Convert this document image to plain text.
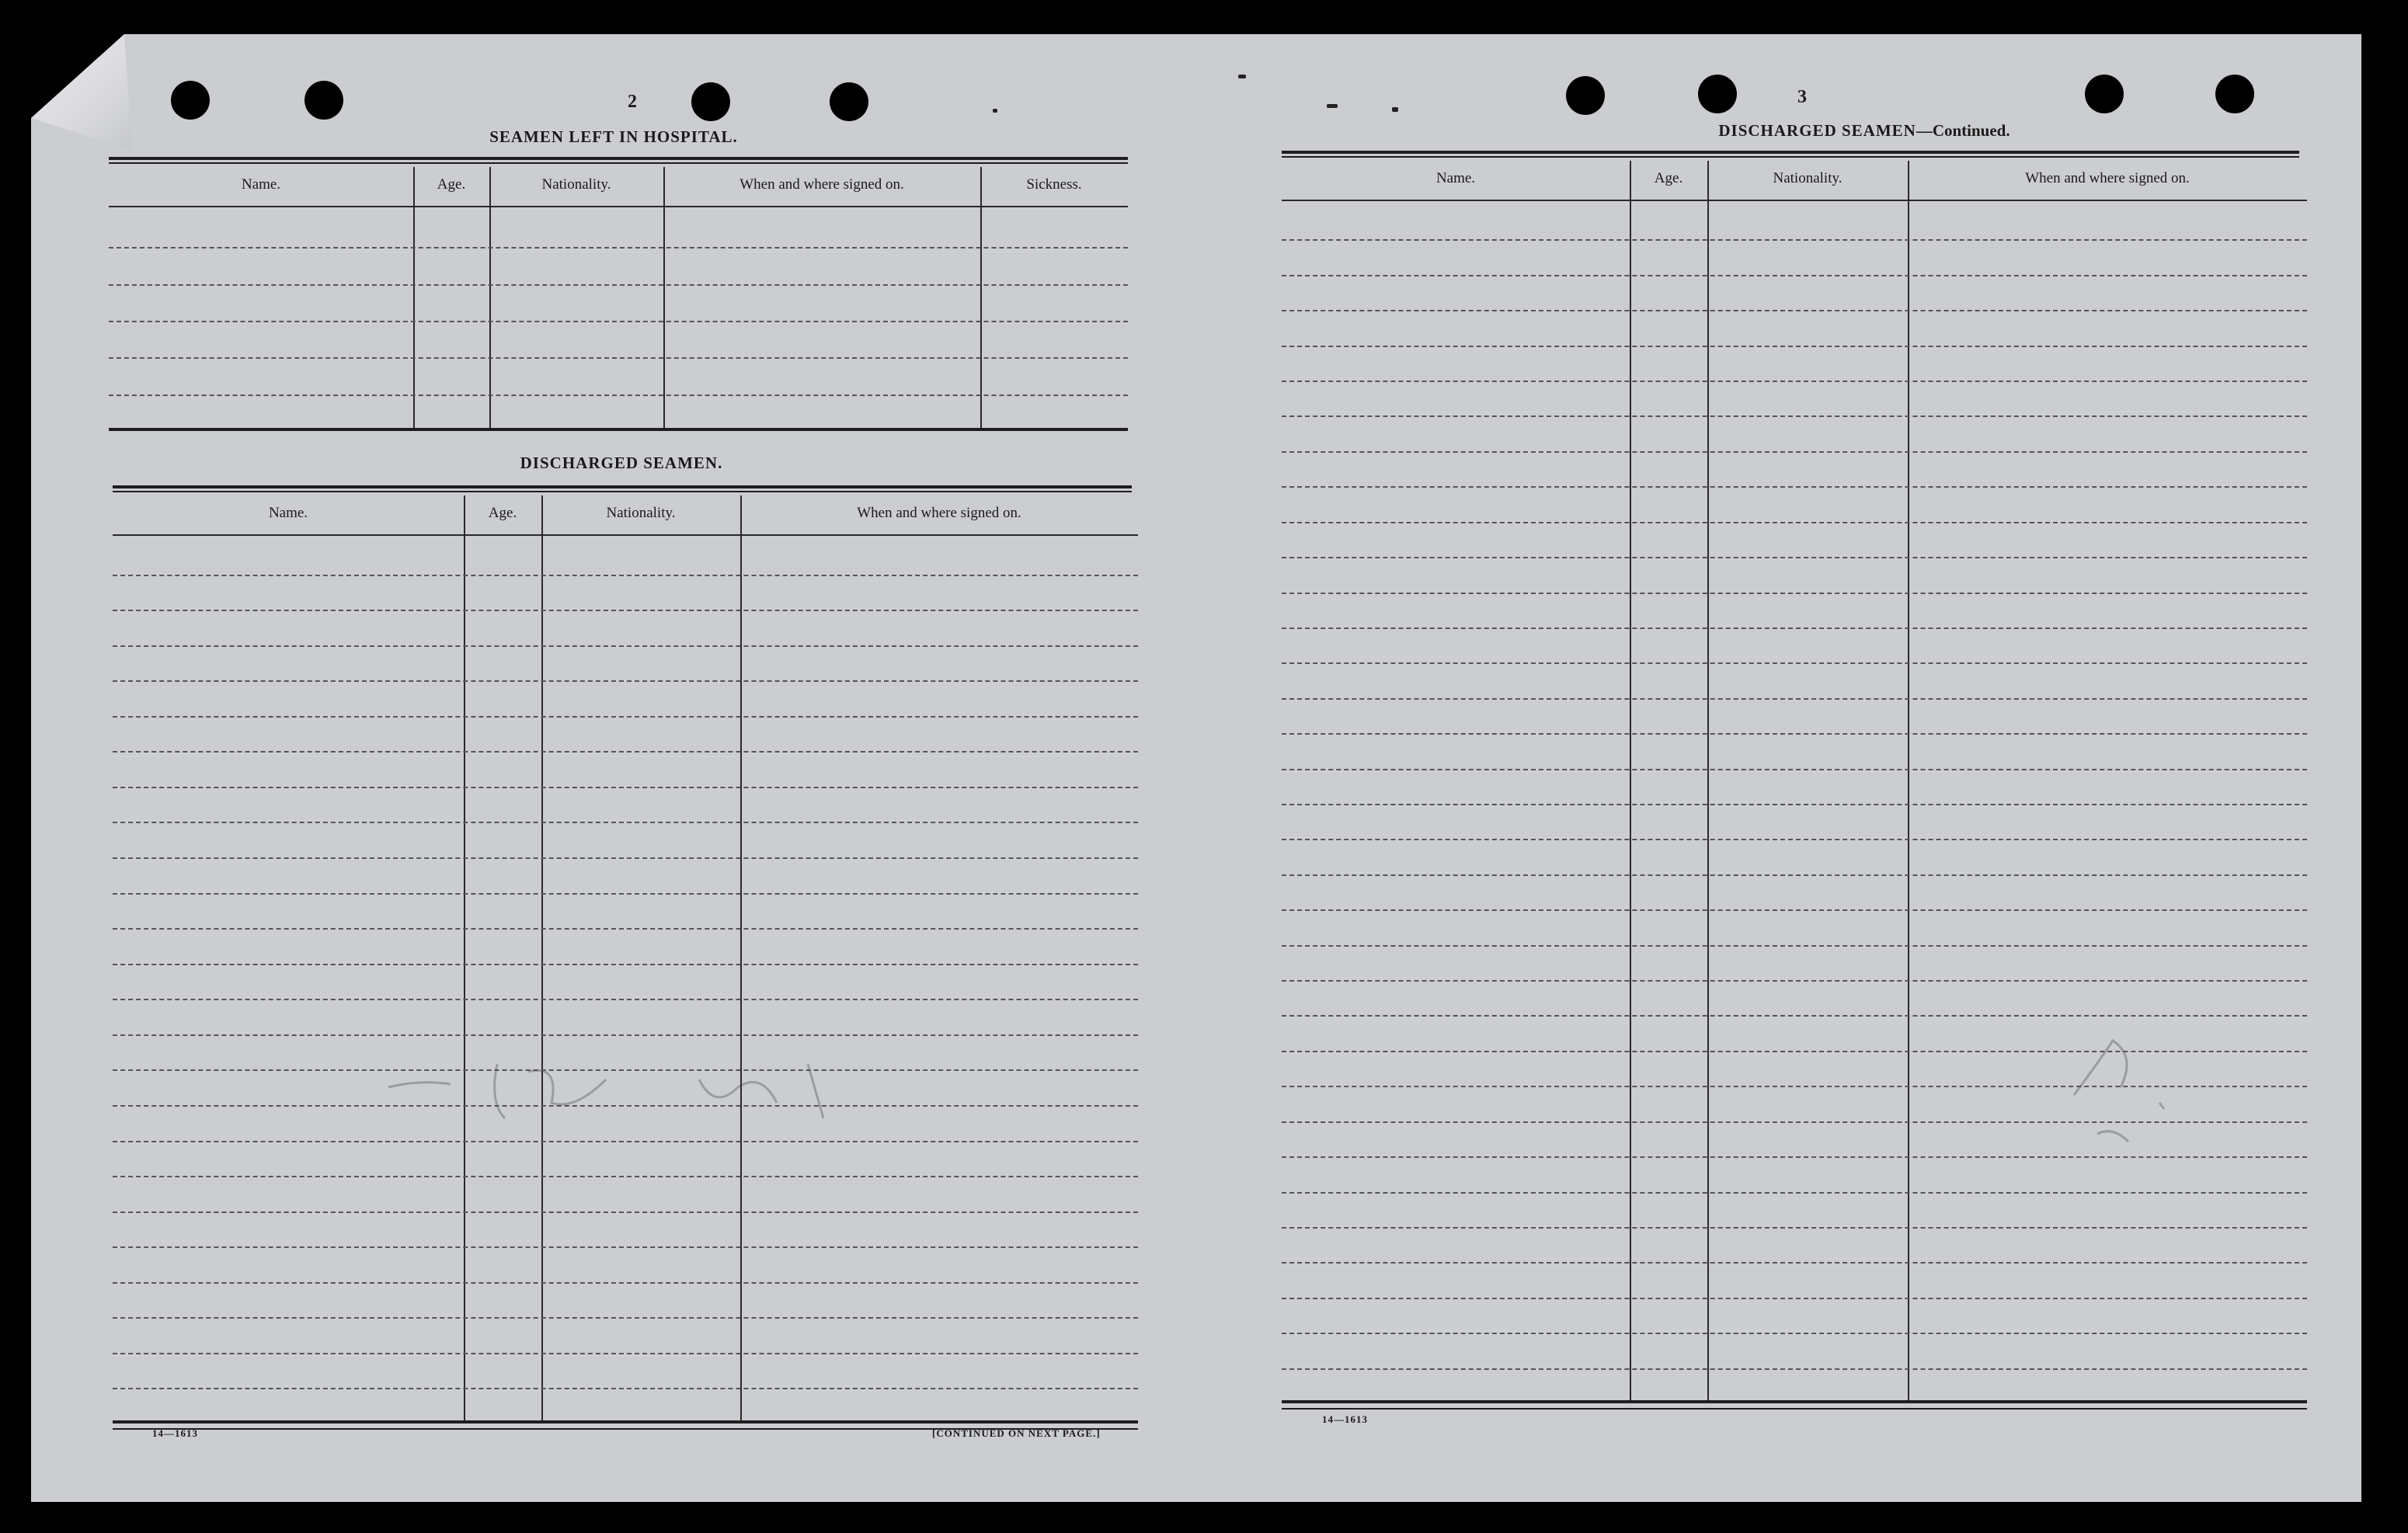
2
SEAMEN LEFT IN HOSPITAL.
Name.	Age.	Nationality.	When and where signed on.	Sickness.
DISCHARGED SEAMEN.
Name.	Age.	Nationality.	When and where signed on.
14—1613	[CONTINUED ON NEXT PAGE.]
3
DISCHARGED SEAMEN—Continued.
Name.	Age.	Nationality.	When and where signed on.
14—1613
